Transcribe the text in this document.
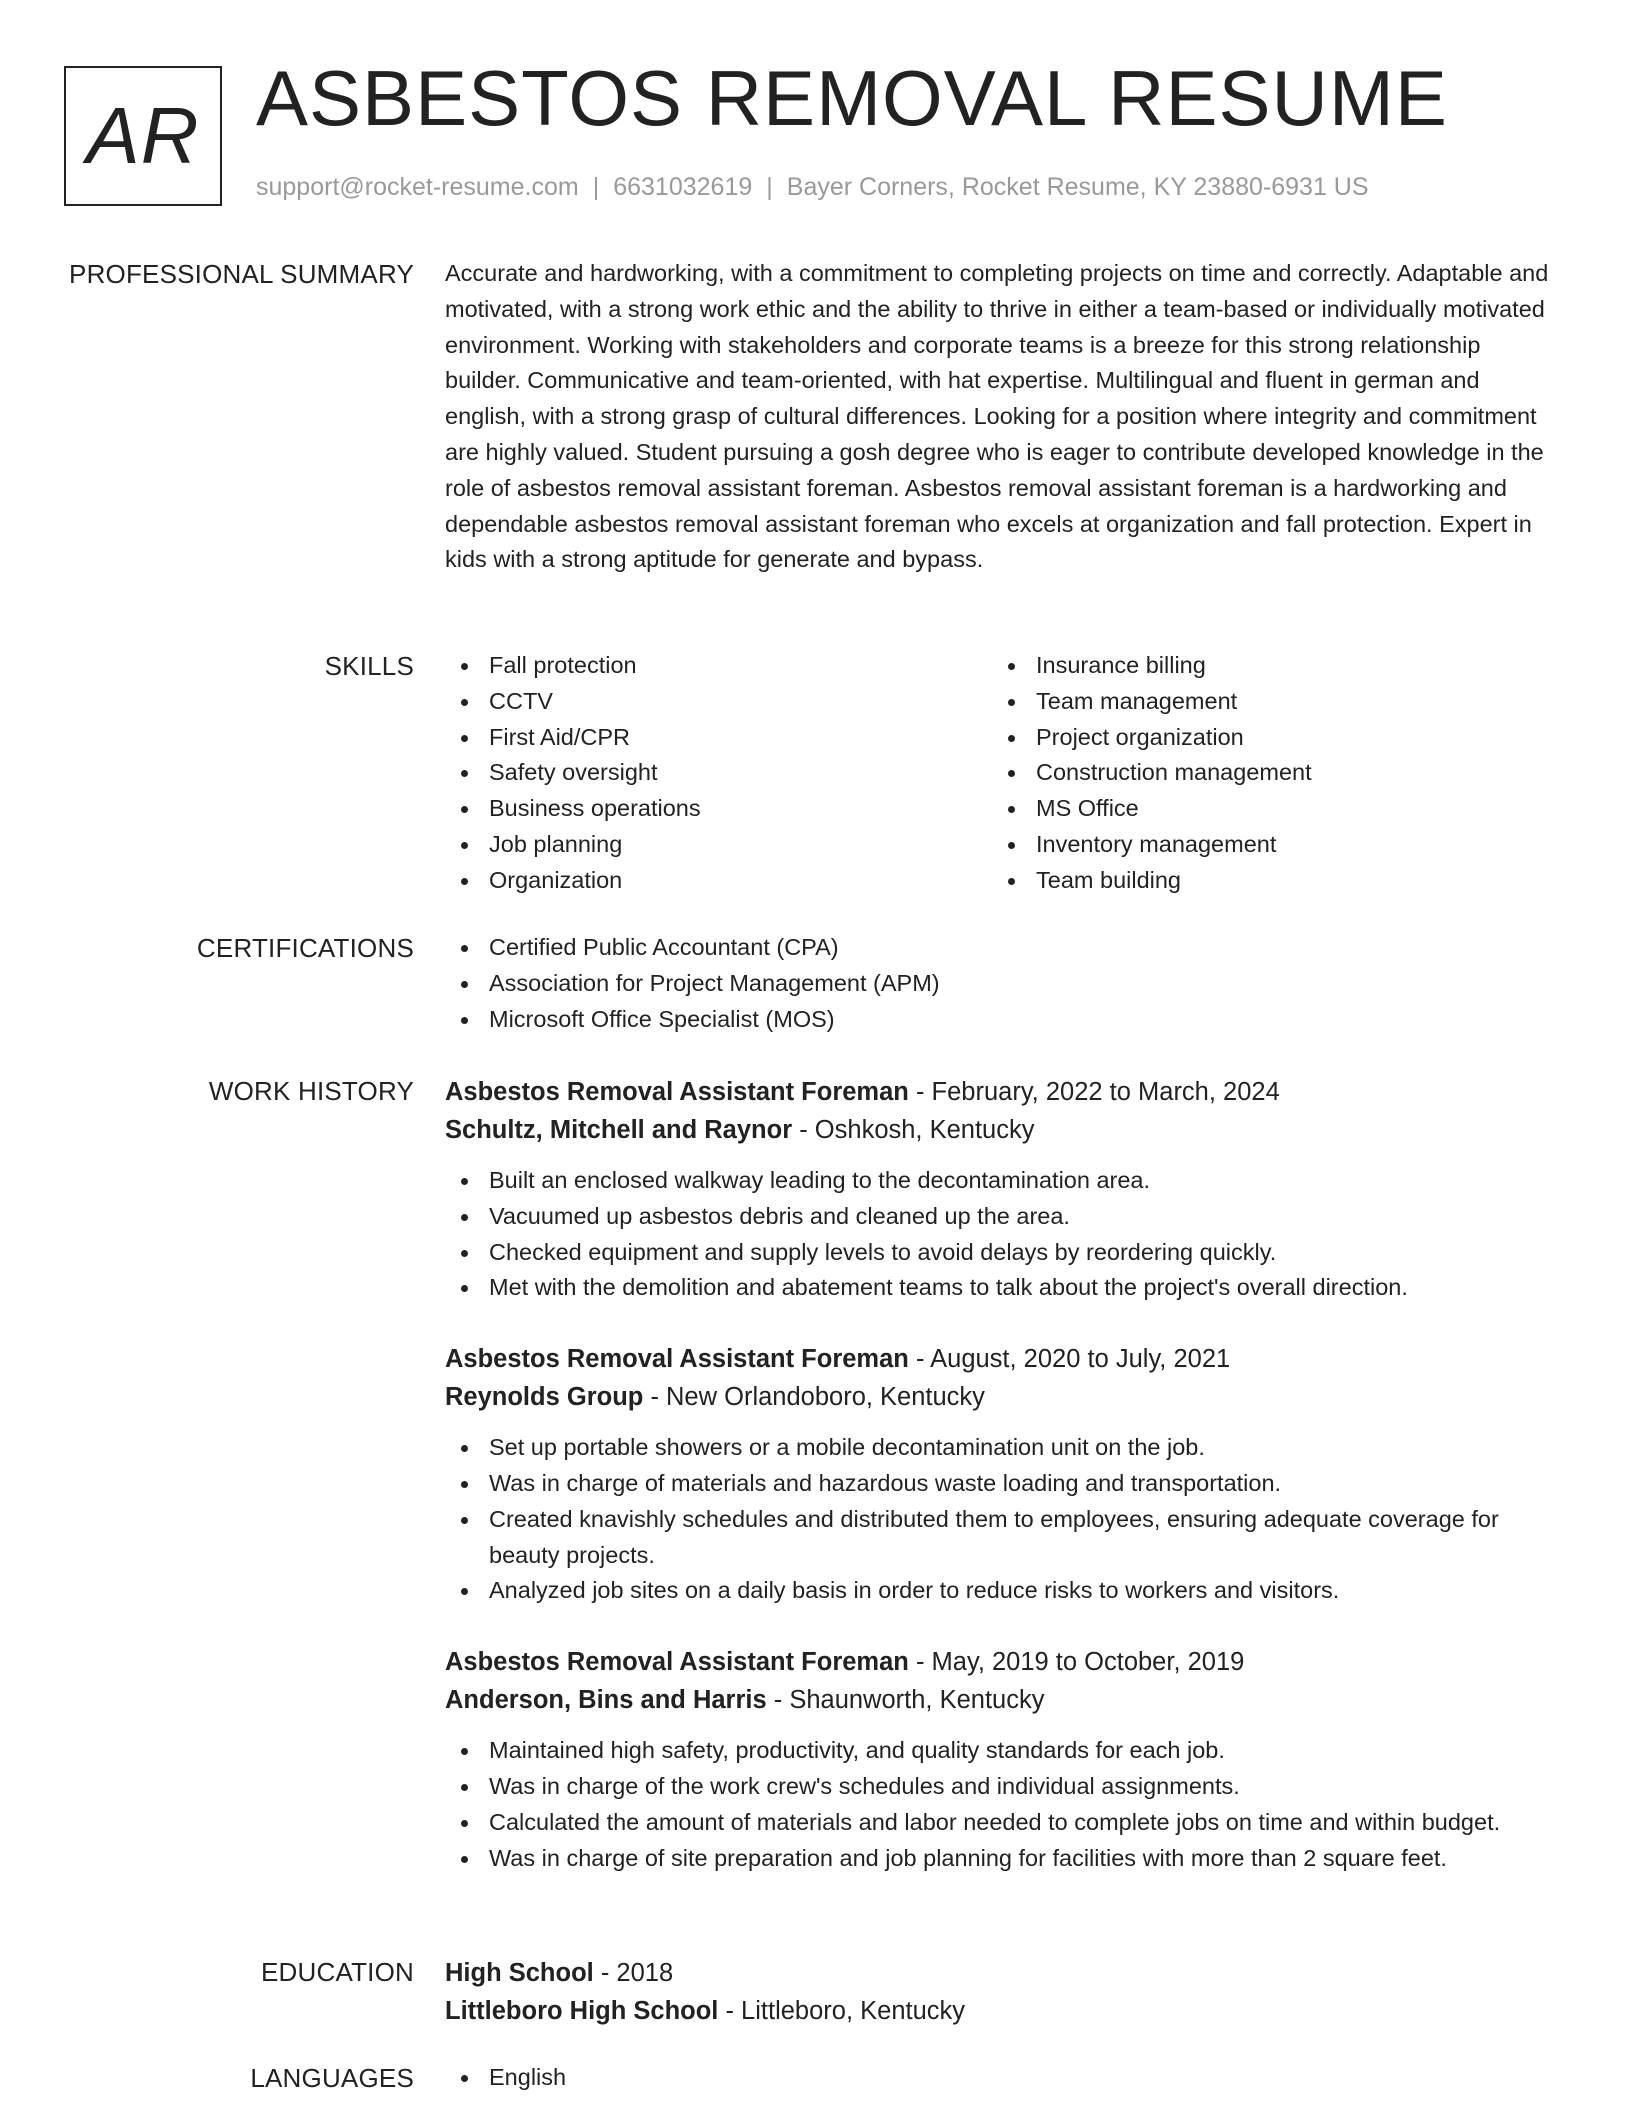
AR ASBESTOS REMOVAL RESUME
support@rocket-resume.com | 6631032619 | Bayer Corners, Rocket Resume, KY 23880-6931 US
PROFESSIONAL SUMMARY Accurate and hardworking, with a commitment to completing projects on time and correctly. Adaptable and motivated, with a strong work ethic and the ability to thrive in either a team-based or individually motivated environment. Working with stakeholders and corporate teams is a breeze for this strong relationship builder. Communicative and team-oriented, with hat expertise. Multilingual and fluent in german and english, with a strong grasp of cultural differences. Looking for a position where integrity and commitment are highly valued. Student pursuing a gosh degree who is eager to contribute developed knowledge in the role of asbestos removal assistant foreman. Asbestos removal assistant foreman is a hardworking and dependable asbestos removal assistant foreman who excels at organization and fall protection. Expert in kids with a strong aptitude for generate and bypass.

SKILLS	Fall protection
CCTV
First Aid/CPR
Safety oversight
Business operations
Job planning
Organization
Insurance billing
Team management
Project organization
Construction management
MS Office
Inventory management
Team building
CERTIFICATIONS	Certified Public Accountant (CPA)
Association for Project Management (APM)
Microsoft Office Specialist (MOS)
WORK HISTORY Asbestos Removal Assistant Foreman - February, 2022 to March, 2024
Schultz, Mitchell and Raynor - Oshkosh, Kentucky
Built an enclosed walkway leading to the decontamination area.
Vacuumed up asbestos debris and cleaned up the area.
Checked equipment and supply levels to avoid delays by reordering quickly.
Met with the demolition and abatement teams to talk about the project's overall direction.
Asbestos Removal Assistant Foreman - August, 2020 to July, 2021
Reynolds Group - New Orlandoboro, Kentucky
Set up portable showers or a mobile decontamination unit on the job.
Was in charge of materials and hazardous waste loading and transportation.
Created knavishly schedules and distributed them to employees, ensuring adequate coverage for beauty projects.
Analyzed job sites on a daily basis in order to reduce risks to workers and visitors.
Asbestos Removal Assistant Foreman - May, 2019 to October, 2019
Anderson, Bins and Harris - Shaunworth, Kentucky
Maintained high safety, productivity, and quality standards for each job.
Was in charge of the work crew's schedules and individual assignments.
Calculated the amount of materials and labor needed to complete jobs on time and within budget.
Was in charge of site preparation and job planning for facilities with more than 2 square feet.
EDUCATION High School - 2018
Littleboro High School - Littleboro, Kentucky
LANGUAGES	English
